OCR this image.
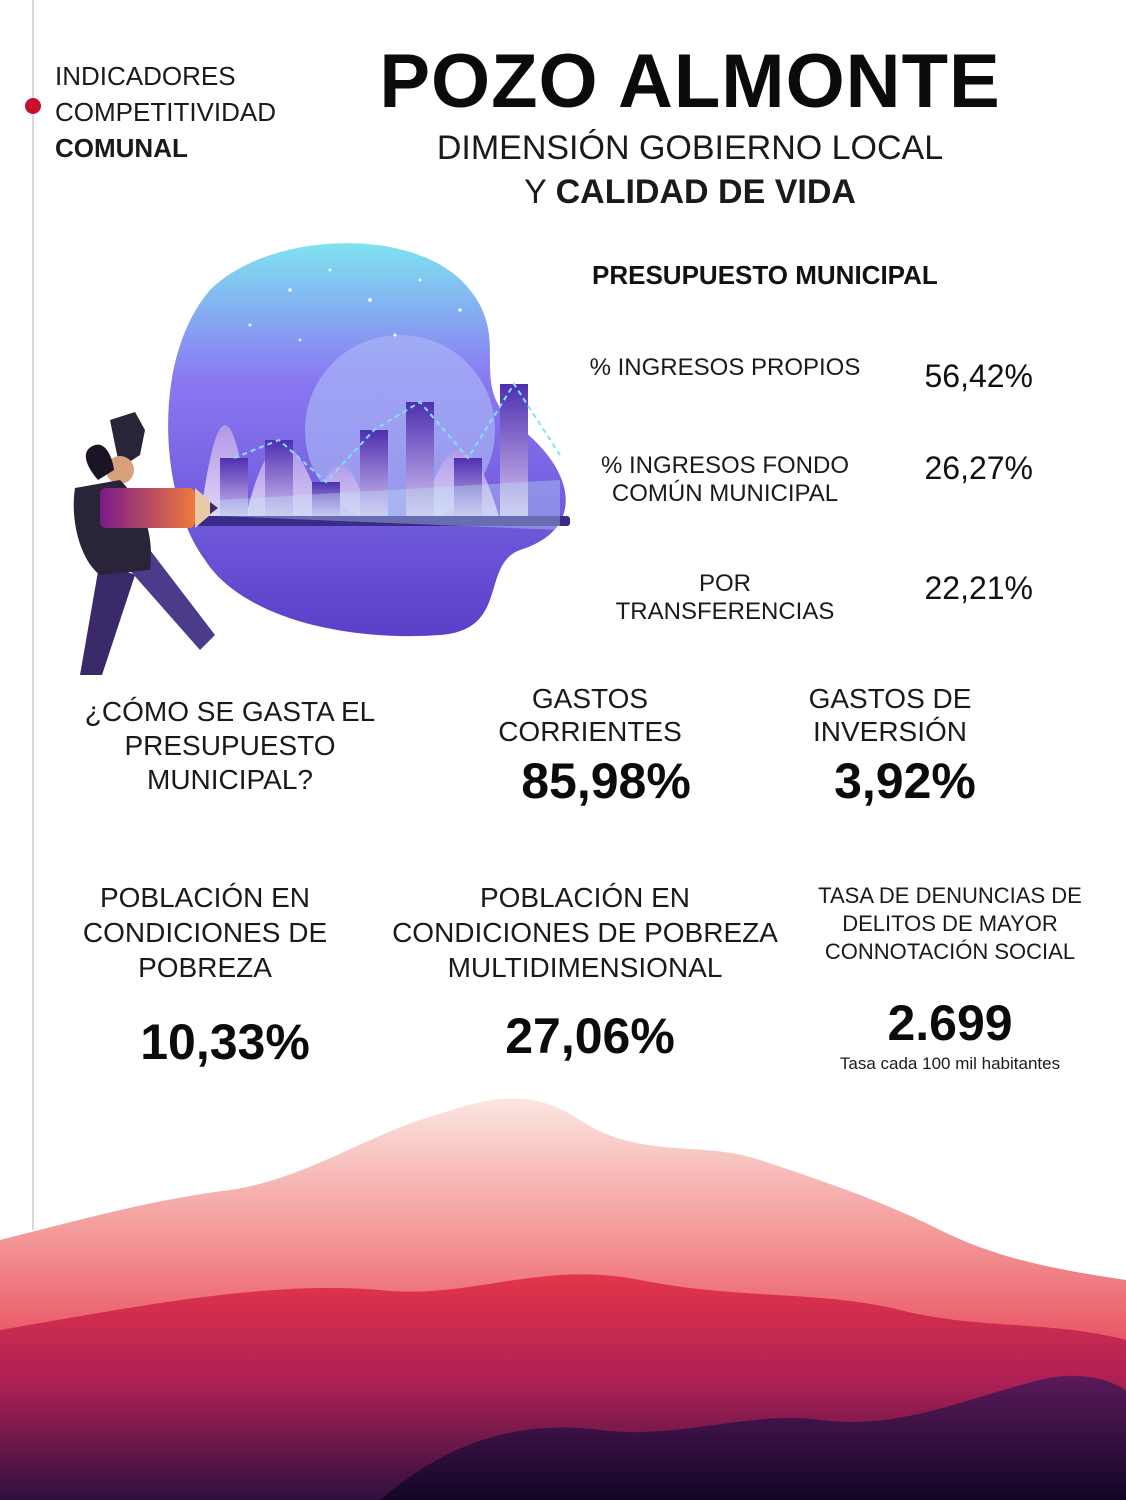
INDICADORES
COMPETITIVIDAD
COMUNAL
POZO ALMONTE
DIMENSIÓN GOBIERNO LOCAL
Y CALIDAD DE VIDA
PRESUPUESTO MUNICIPAL
% INGRESOS PROPIOS 56,42%
% INGRESOS FONDO
COMÚN MUNICIPAL
26,27%
POR
TRANSFERENCIAS
22,21%
¿CÓMO SE GASTA EL
PRESUPUESTO
MUNICIPAL?
GASTOS
CORRIENTES
85,98%
GASTOS DE
INVERSIÓN
3,92%
POBLACIÓN EN
CONDICIONES DE
POBREZA
10,33%
POBLACIÓN EN
CONDICIONES DE POBREZA
MULTIDIMENSIONAL
27,06%
TASA DE DENUNCIAS DE
DELITOS DE MAYOR
CONNOTACIÓN SOCIAL
2.699
Tasa cada 100 mil habitantes
